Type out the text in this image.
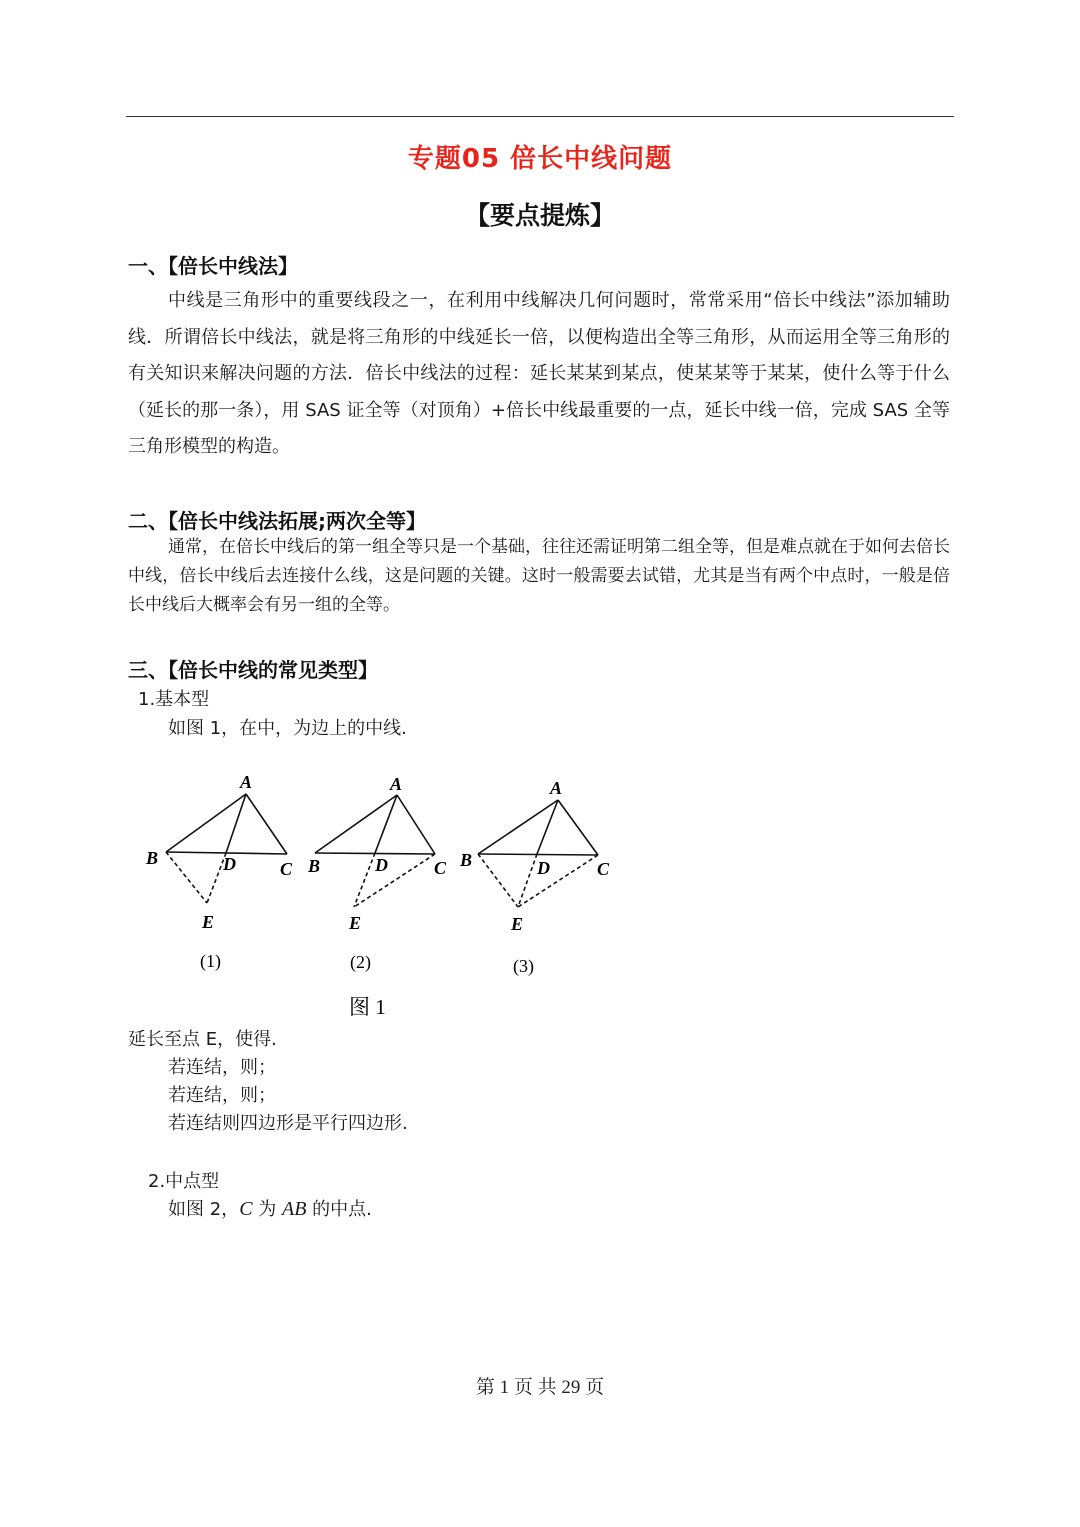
专题05 倍长中线问题
【要点提炼】
一、【倍长中线法】
中线是三角形中的重要线段之一，在利用中线解决几何问题时，常常采用“倍长中线法”添加辅助线．所谓倍长中线法，就是将三角形的中线延长一倍，以便构造出全等三角形，从而运用全等三角形的有关知识来解决问题的方法．倍长中线法的过程：延长某某到某点，使某某等于某某，使什么等于什么（延长的那一条），用 SAS 证全等（对顶角）+倍长中线最重要的一点，延长中线一倍，完成 SAS 全等三角形模型的构造。
二、【倍长中线法拓展;两次全等】
通常，在倍长中线后的第一组全等只是一个基础，往往还需证明第二组全等，但是难点就在于如何去倍长中线，倍长中线后去连接什么线，这是问题的关键。这时一般需要去试错，尤其是当有两个中点时，一般是倍长中线后大概率会有另一组的全等。
三、【倍长中线的常见类型】
1.基本型
如图 1，在中，为边上的中线.
A
B
C
D
E
(1)
A
B	C
D
E
(2)
A
B	C
D
E
(3)
图 1
延长至点 E，使得.
若连结，则；
若连结，则；
若连结则四边形是平行四边形.
2.中点型
如图 2，C 为 AB 的中点.
第 1 页 共 29 页
